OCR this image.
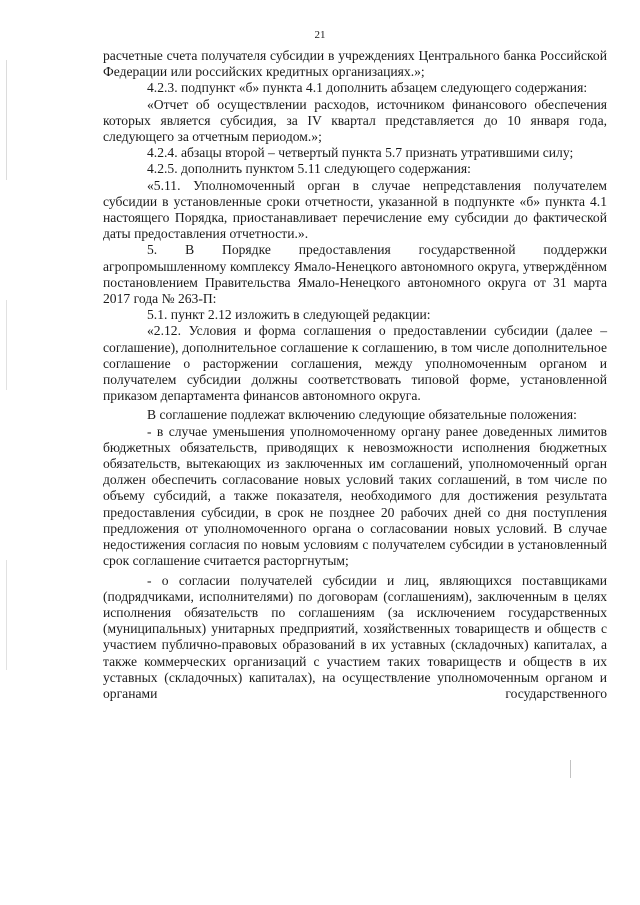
21

расчетные счета получателя субсидии в учреждениях Центрального банка Российской Федерации или российских кредитных организациях.»;

4.2.3. подпункт «б» пункта 4.1 дополнить абзацем следующего содержания:

«Отчет об осуществлении расходов, источником финансового обеспечения которых является субсидия, за IV квартал представляется до 10 января года, следующего за отчетным периодом.»;

4.2.4. абзацы второй – четвертый пункта 5.7 признать утратившими силу;

4.2.5. дополнить пунктом 5.11 следующего содержания:

«5.11. Уполномоченный орган в случае непредставления получателем субсидии в установленные сроки отчетности, указанной в подпункте «б» пункта 4.1 настоящего Порядка, приостанавливает перечисление ему субсидии до фактической даты предоставления отчетности.».

5. В Порядке предоставления государственной поддержки агропромышленному комплексу Ямало-Ненецкого автономного округа, утверждённом постановлением Правительства Ямало-Ненецкого автономного округа от 31 марта 2017 года № 263-П:

5.1. пункт 2.12 изложить в следующей редакции:

«2.12. Условия и форма соглашения о предоставлении субсидии (далее – соглашение), дополнительное соглашение к соглашению, в том числе дополнительное соглашение о расторжении соглашения, между уполномоченным органом и получателем субсидии должны соответствовать типовой форме, установленной приказом департамента финансов автономного округа.

В соглашение подлежат включению следующие обязательные положения:

- в случае уменьшения уполномоченному органу ранее доведенных лимитов бюджетных обязательств, приводящих к невозможности исполнения бюджетных обязательств, вытекающих из заключенных им соглашений, уполномоченный орган должен обеспечить согласование новых условий таких соглашений, в том числе по объему субсидий, а также показателя, необходимого для достижения результата предоставления субсидии, в срок не позднее 20 рабочих дней со дня поступления предложения от уполномоченного органа о согласовании новых условий. В случае недостижения согласия по новым условиям с получателем субсидии в установленный срок соглашение считается расторгнутым;

- о согласии получателей субсидии и лиц, являющихся поставщиками (подрядчиками, исполнителями) по договорам (соглашениям), заключенным в целях исполнения обязательств по соглашениям (за исключением государственных (муниципальных) унитарных предприятий, хозяйственных товариществ и обществ с участием публично-правовых образований в их уставных (складочных) капиталах, а также коммерческих организаций с участием таких товариществ и обществ в их уставных (складочных) капиталах), на осуществление уполномоченным органом и органами государственного
